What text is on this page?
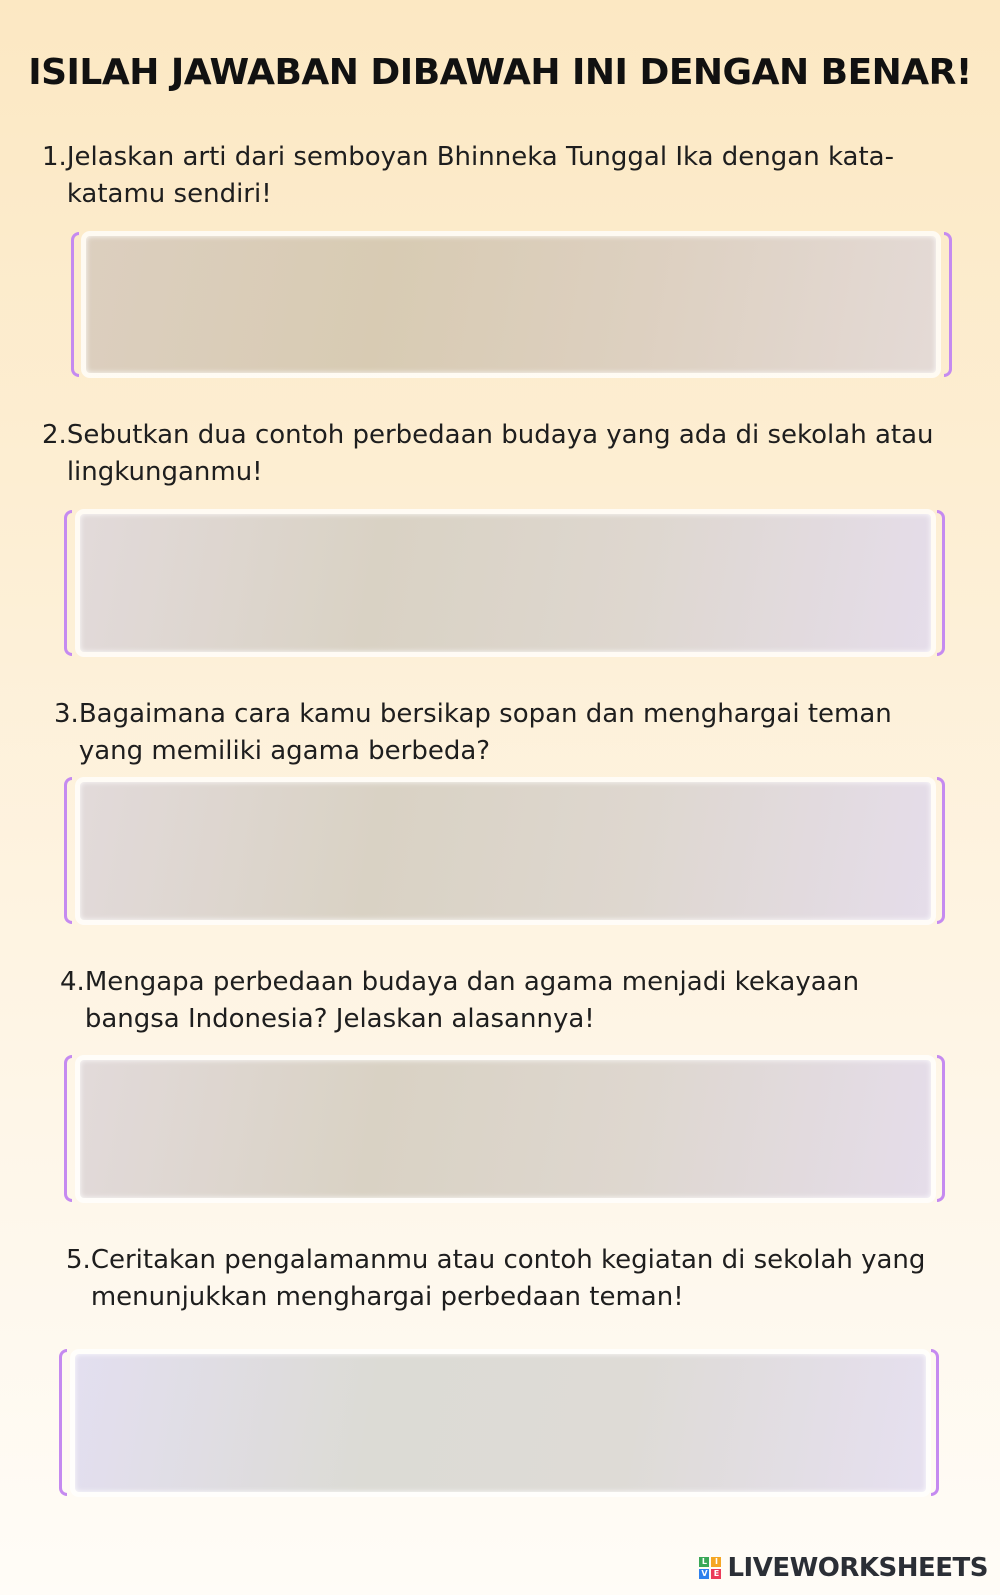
ISILAH JAWABAN DIBAWAH INI DENGAN BENAR!
1. Jelaskan arti dari semboyan Bhinneka Tunggal Ika dengan kata-katamu sendiri!
2. Sebutkan dua contoh perbedaan budaya yang ada di sekolah atau lingkunganmu!
3. Bagaimana cara kamu bersikap sopan dan menghargai teman yang memiliki agama berbeda?
4. Mengapa perbedaan budaya dan agama menjadi kekayaan bangsa Indonesia? Jelaskan alasannya!
5. Ceritakan pengalamanmu atau contoh kegiatan di sekolah yang menunjukkan menghargai perbedaan teman!
L I
V E LIVEWORKSHEETS
